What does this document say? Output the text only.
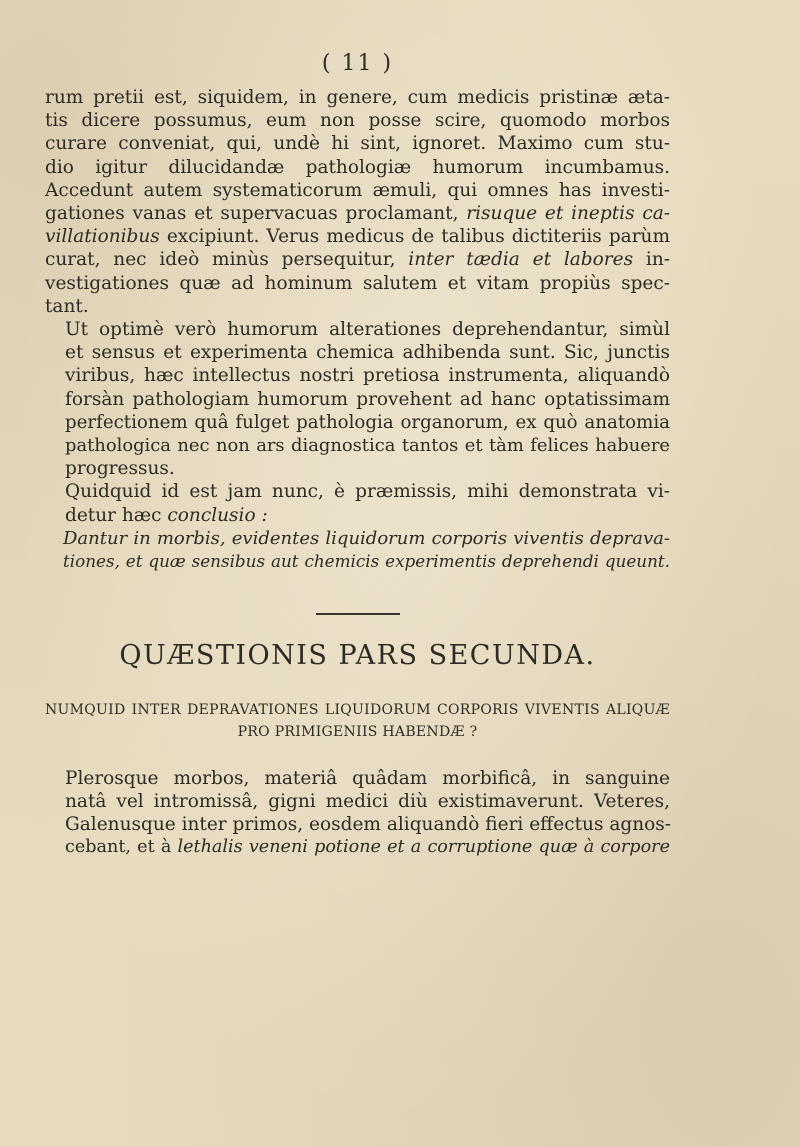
( 11 )

rum pretii est, siquidem, in genere, cum medicis pristinæ æta-
tis dicere possumus, eum non posse scire, quomodo morbos
curare conveniat, qui, undè hi sint, ignoret. Maximo cum stu-
dio igitur dilucidandæ pathologiæ humorum incumbamus.
Accedunt autem systematicorum æmuli, qui omnes has investi-
gationes vanas et supervacuas proclamant, risuque et ineptis ca-
villationibus excipiunt. Verus medicus de talibus dictiteriis parùm
curat, nec ideò minùs persequitur, inter tædia et labores in-
vestigationes quæ ad hominum salutem et vitam propiùs spec-
tant.

Ut optimè verò humorum alterationes deprehendantur, simùl
et sensus et experimenta chemica adhibenda sunt. Sic, junctis
viribus, hæc intellectus nostri pretiosa instrumenta, aliquandò
forsàn pathologiam humorum provehent ad hanc optatissimam
perfectionem quâ fulget pathologia organorum, ex quò anatomia
pathologica nec non ars diagnostica tantos et tàm felices habuere
progressus.

Quidquid id est jam nunc, è præmissis, mihi demonstrata vi-
detur hæc conclusio :

Dantur in morbis, evidentes liquidorum corporis viventis deprava-
tiones, et quæ sensibus aut chemicis experimentis deprehendi queunt.

QUÆSTIONIS PARS SECUNDA.
NUMQUID INTER DEPRAVATIONES LIQUIDORUM CORPORIS VIVENTIS ALIQUÆ
PRO PRIMIGENIIS HABENDÆ ?

Plerosque morbos, materiâ quâdam morbificâ, in sanguine
natâ vel intromissâ, gigni medici diù existimaverunt. Veteres,
Galenusque inter primos, eosdem aliquandò fieri effectus agnos-
cebant, et à lethalis veneni potione et a corruptione quæ à corpore
